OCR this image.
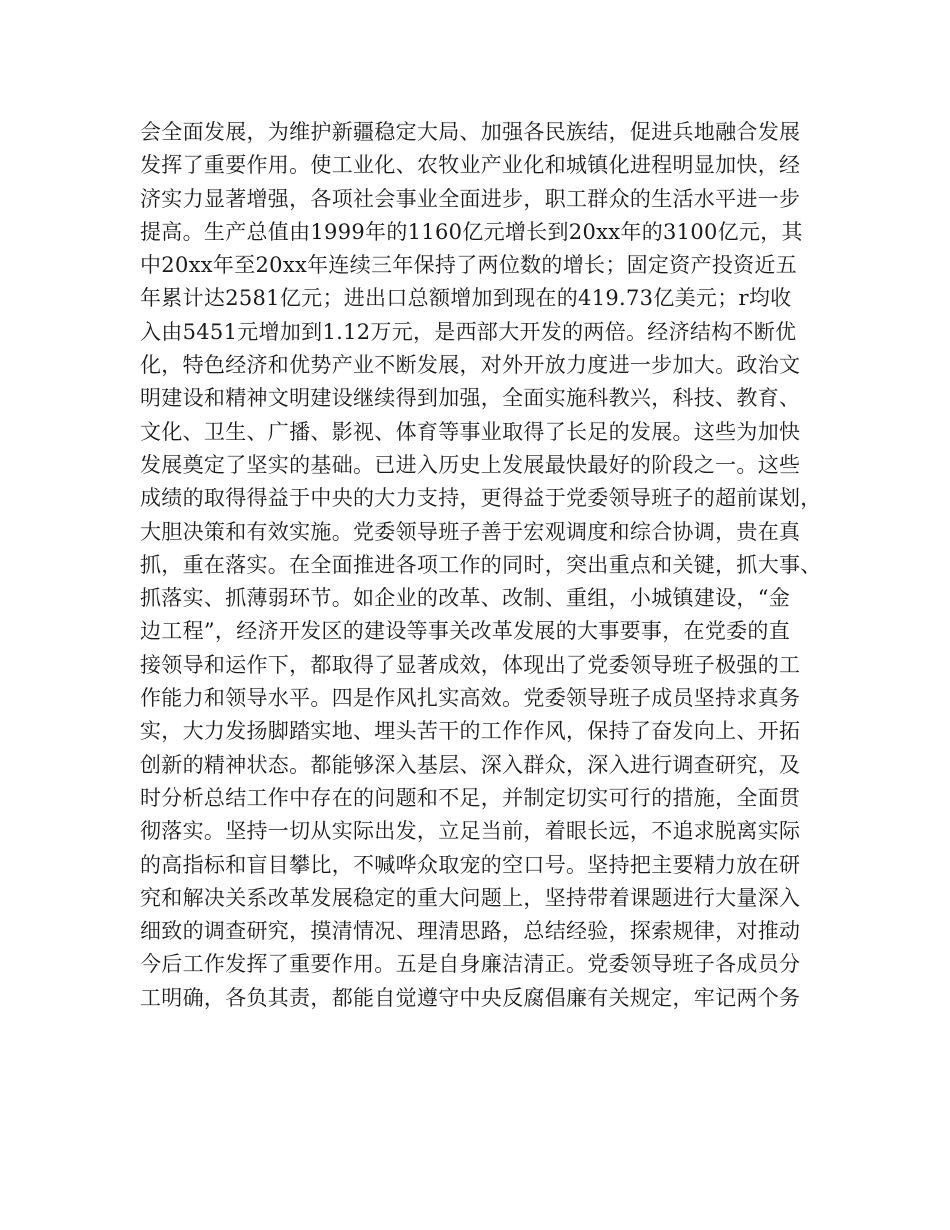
会全面发展，为维护新疆稳定大局、加强各民族结，促进兵地融合发展
发挥了重要作用。使工业化、农牧业产业化和城镇化进程明显加快，经
济实力显著增强，各项社会事业全面进步，职工群众的生活水平进一步
提高。生产总值由1999年的1160亿元增长到20xx年的3100亿元，其
中20xx年至20xx年连续三年保持了两位数的增长；固定资产投资近五
年累计达2581亿元；进出口总额增加到现在的419.73亿美元；r均收
入由5451元增加到1.12万元，是西部大开发的两倍。经济结构不断优
化，特色经济和优势产业不断发展，对外开放力度进一步加大。政治文
明建设和精神文明建设继续得到加强，全面实施科教兴，科技、教育、
文化、卫生、广播、影视、体育等事业取得了长足的发展。这些为加快
发展奠定了坚实的基础。已进入历史上发展最快最好的阶段之一。这些
成绩的取得得益于中央的大力支持，更得益于党委领导班子的超前谋划，
大胆决策和有效实施。党委领导班子善于宏观调度和综合协调，贵在真
抓，重在落实。在全面推进各项工作的同时，突出重点和关键，抓大事、
抓落实、抓薄弱环节。如企业的改革、改制、重组，小城镇建设，“金
边工程”，经济开发区的建设等事关改革发展的大事要事，在党委的直
接领导和运作下，都取得了显著成效，体现出了党委领导班子极强的工
作能力和领导水平。四是作风扎实高效。党委领导班子成员坚持求真务
实，大力发扬脚踏实地、埋头苦干的工作作风，保持了奋发向上、开拓
创新的精神状态。都能够深入基层、深入群众，深入进行调查研究，及
时分析总结工作中存在的问题和不足，并制定切实可行的措施，全面贯
彻落实。坚持一切从实际出发，立足当前，着眼长远，不追求脱离实际
的高指标和盲目攀比，不喊哗众取宠的空口号。坚持把主要精力放在研
究和解决关系改革发展稳定的重大问题上，坚持带着课题进行大量深入
细致的调查研究，摸清情况、理清思路，总结经验，探索规律，对推动
今后工作发挥了重要作用。五是自身廉洁清正。党委领导班子各成员分
工明确，各负其责，都能自觉遵守中央反腐倡廉有关规定，牢记两个务
